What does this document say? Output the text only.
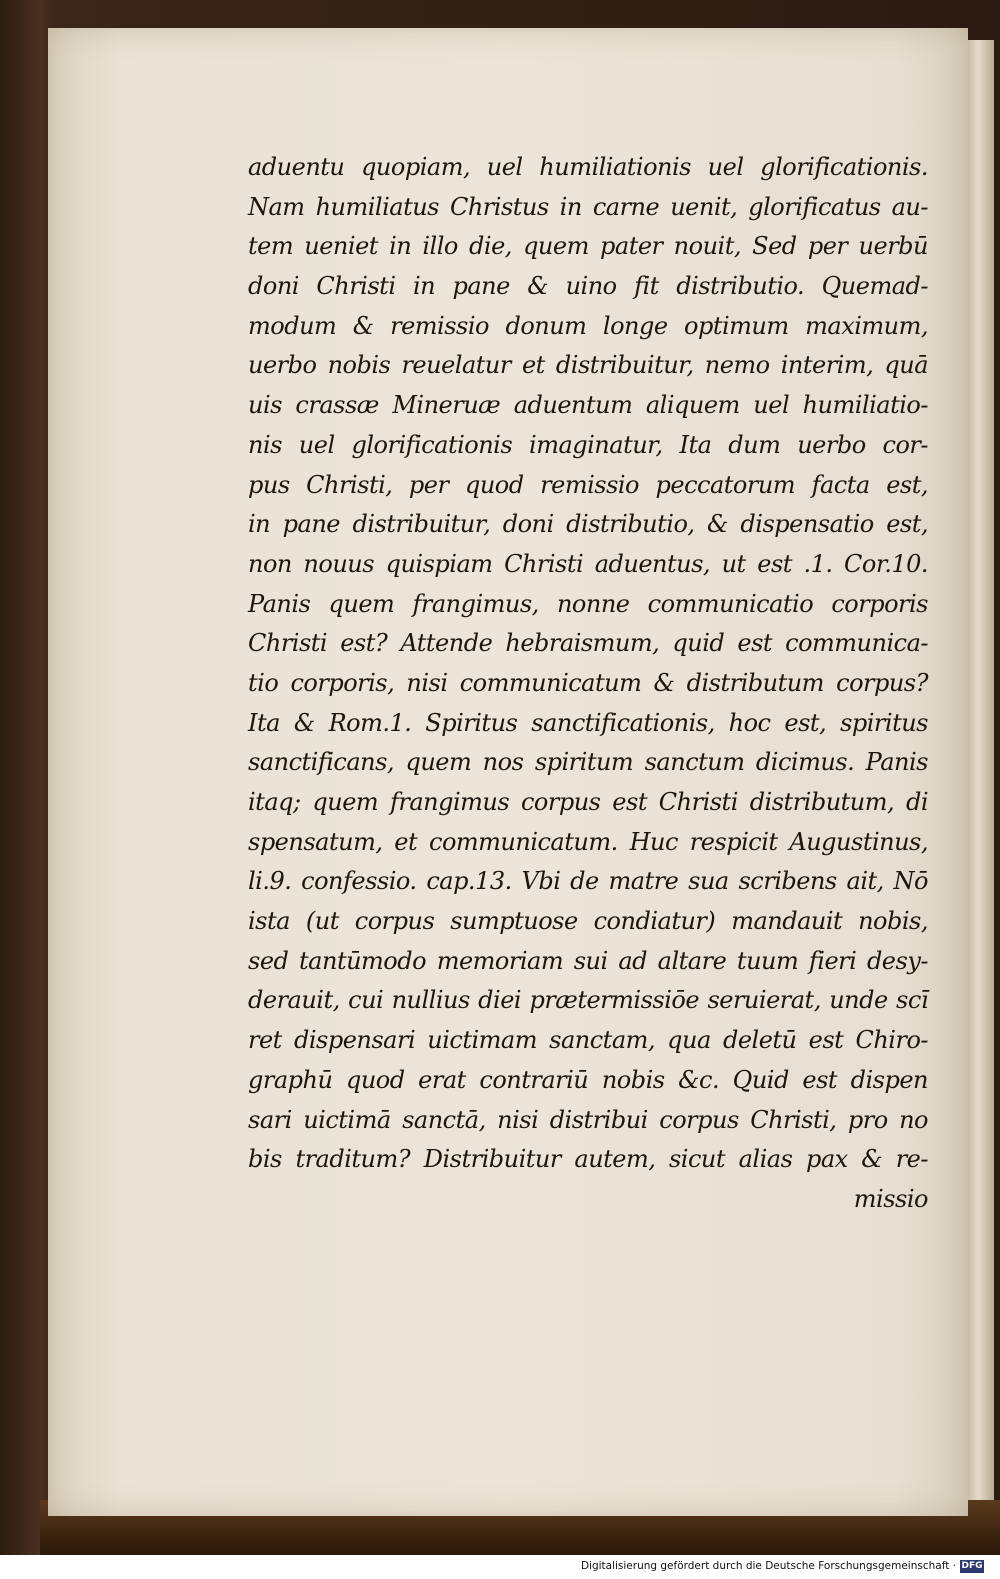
aduentu quopiam, uel humiliationis uel glorificationis.
Nam humiliatus Christus in carne uenit, glorificatus au-
tem ueniet in illo die, quem pater nouit, Sed per uerbū
doni Christi in pane & uino fit distributio. Quemad-
modum & remissio donum longe optimum maximum,
uerbo nobis reuelatur et distribuitur, nemo interim, quā
uis crassæ Mineruæ aduentum aliquem uel humiliatio-
nis uel glorificationis imaginatur, Ita dum uerbo cor-
pus Christi, per quod remissio peccatorum facta est,
in pane distribuitur, doni distributio, & dispensatio est,
non nouus quispiam Christi aduentus, ut est .1. Cor.10.
Panis quem frangimus, nonne communicatio corporis
Christi est? Attende hebraismum, quid est communica-
tio corporis, nisi communicatum & distributum corpus?
Ita & Rom.1. Spiritus sanctificationis, hoc est, spiritus
sanctificans, quem nos spiritum sanctum dicimus. Panis
itaq; quem frangimus corpus est Christi distributum, di
spensatum, et communicatum. Huc respicit Augustinus,
li.9. confessio. cap.13. Vbi de matre sua scribens ait, Nō
ista (ut corpus sumptuose condiatur) mandauit nobis,
sed tantūmodo memoriam sui ad altare tuum fieri desy-
derauit, cui nullius diei prætermissiōe seruierat, unde scī
ret dispensari uictimam sanctam, qua deletū est Chiro-
graphū quod erat contrariū nobis &c. Quid est dispen
sari uictimā sanctā, nisi distribui corpus Christi, pro no
bis traditum? Distribuitur autem, sicut alias pax & re-
missio
Digitalisierung gefördert durch die Deutsche Forschungsgemeinschaft · DFG
